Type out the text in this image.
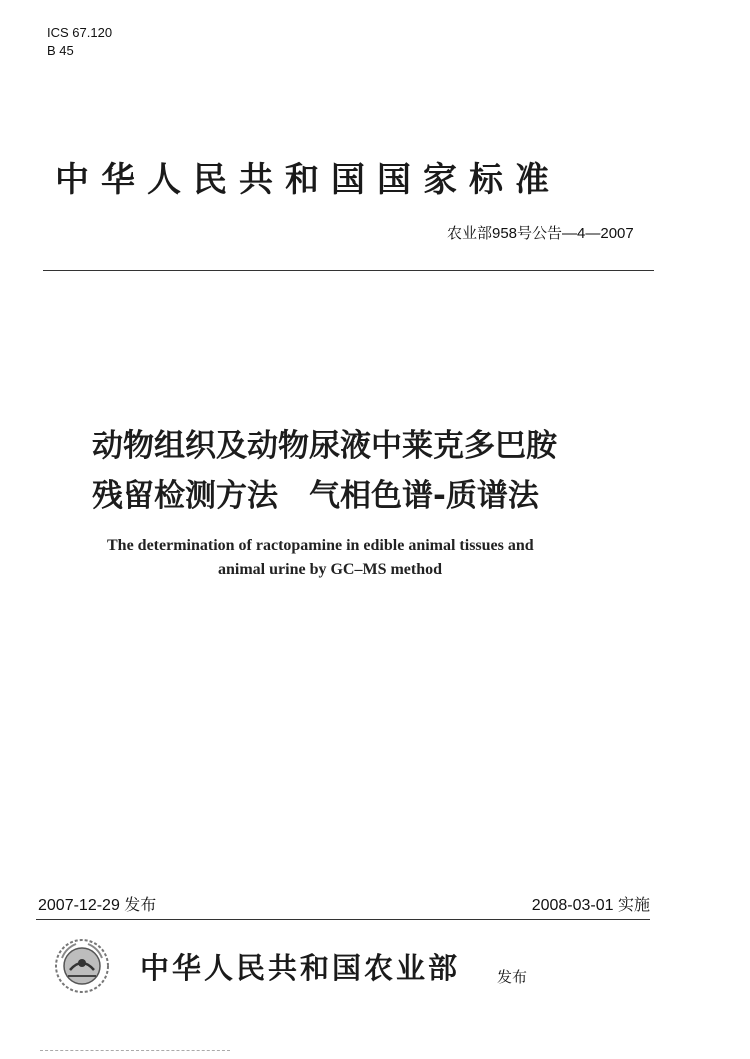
ICS 67.120
B 45
中华人民共和国国家标准
农业部958号公告—4—2007
动物组织及动物尿液中莱克多巴胺
残留检测方法　气相色谱-质谱法
The determination of ractopamine in edible animal tissues and
animal urine by GC–MS method
2007-12-29 发布	2008-03-01 实施
中华人民共和国农业部 发布
